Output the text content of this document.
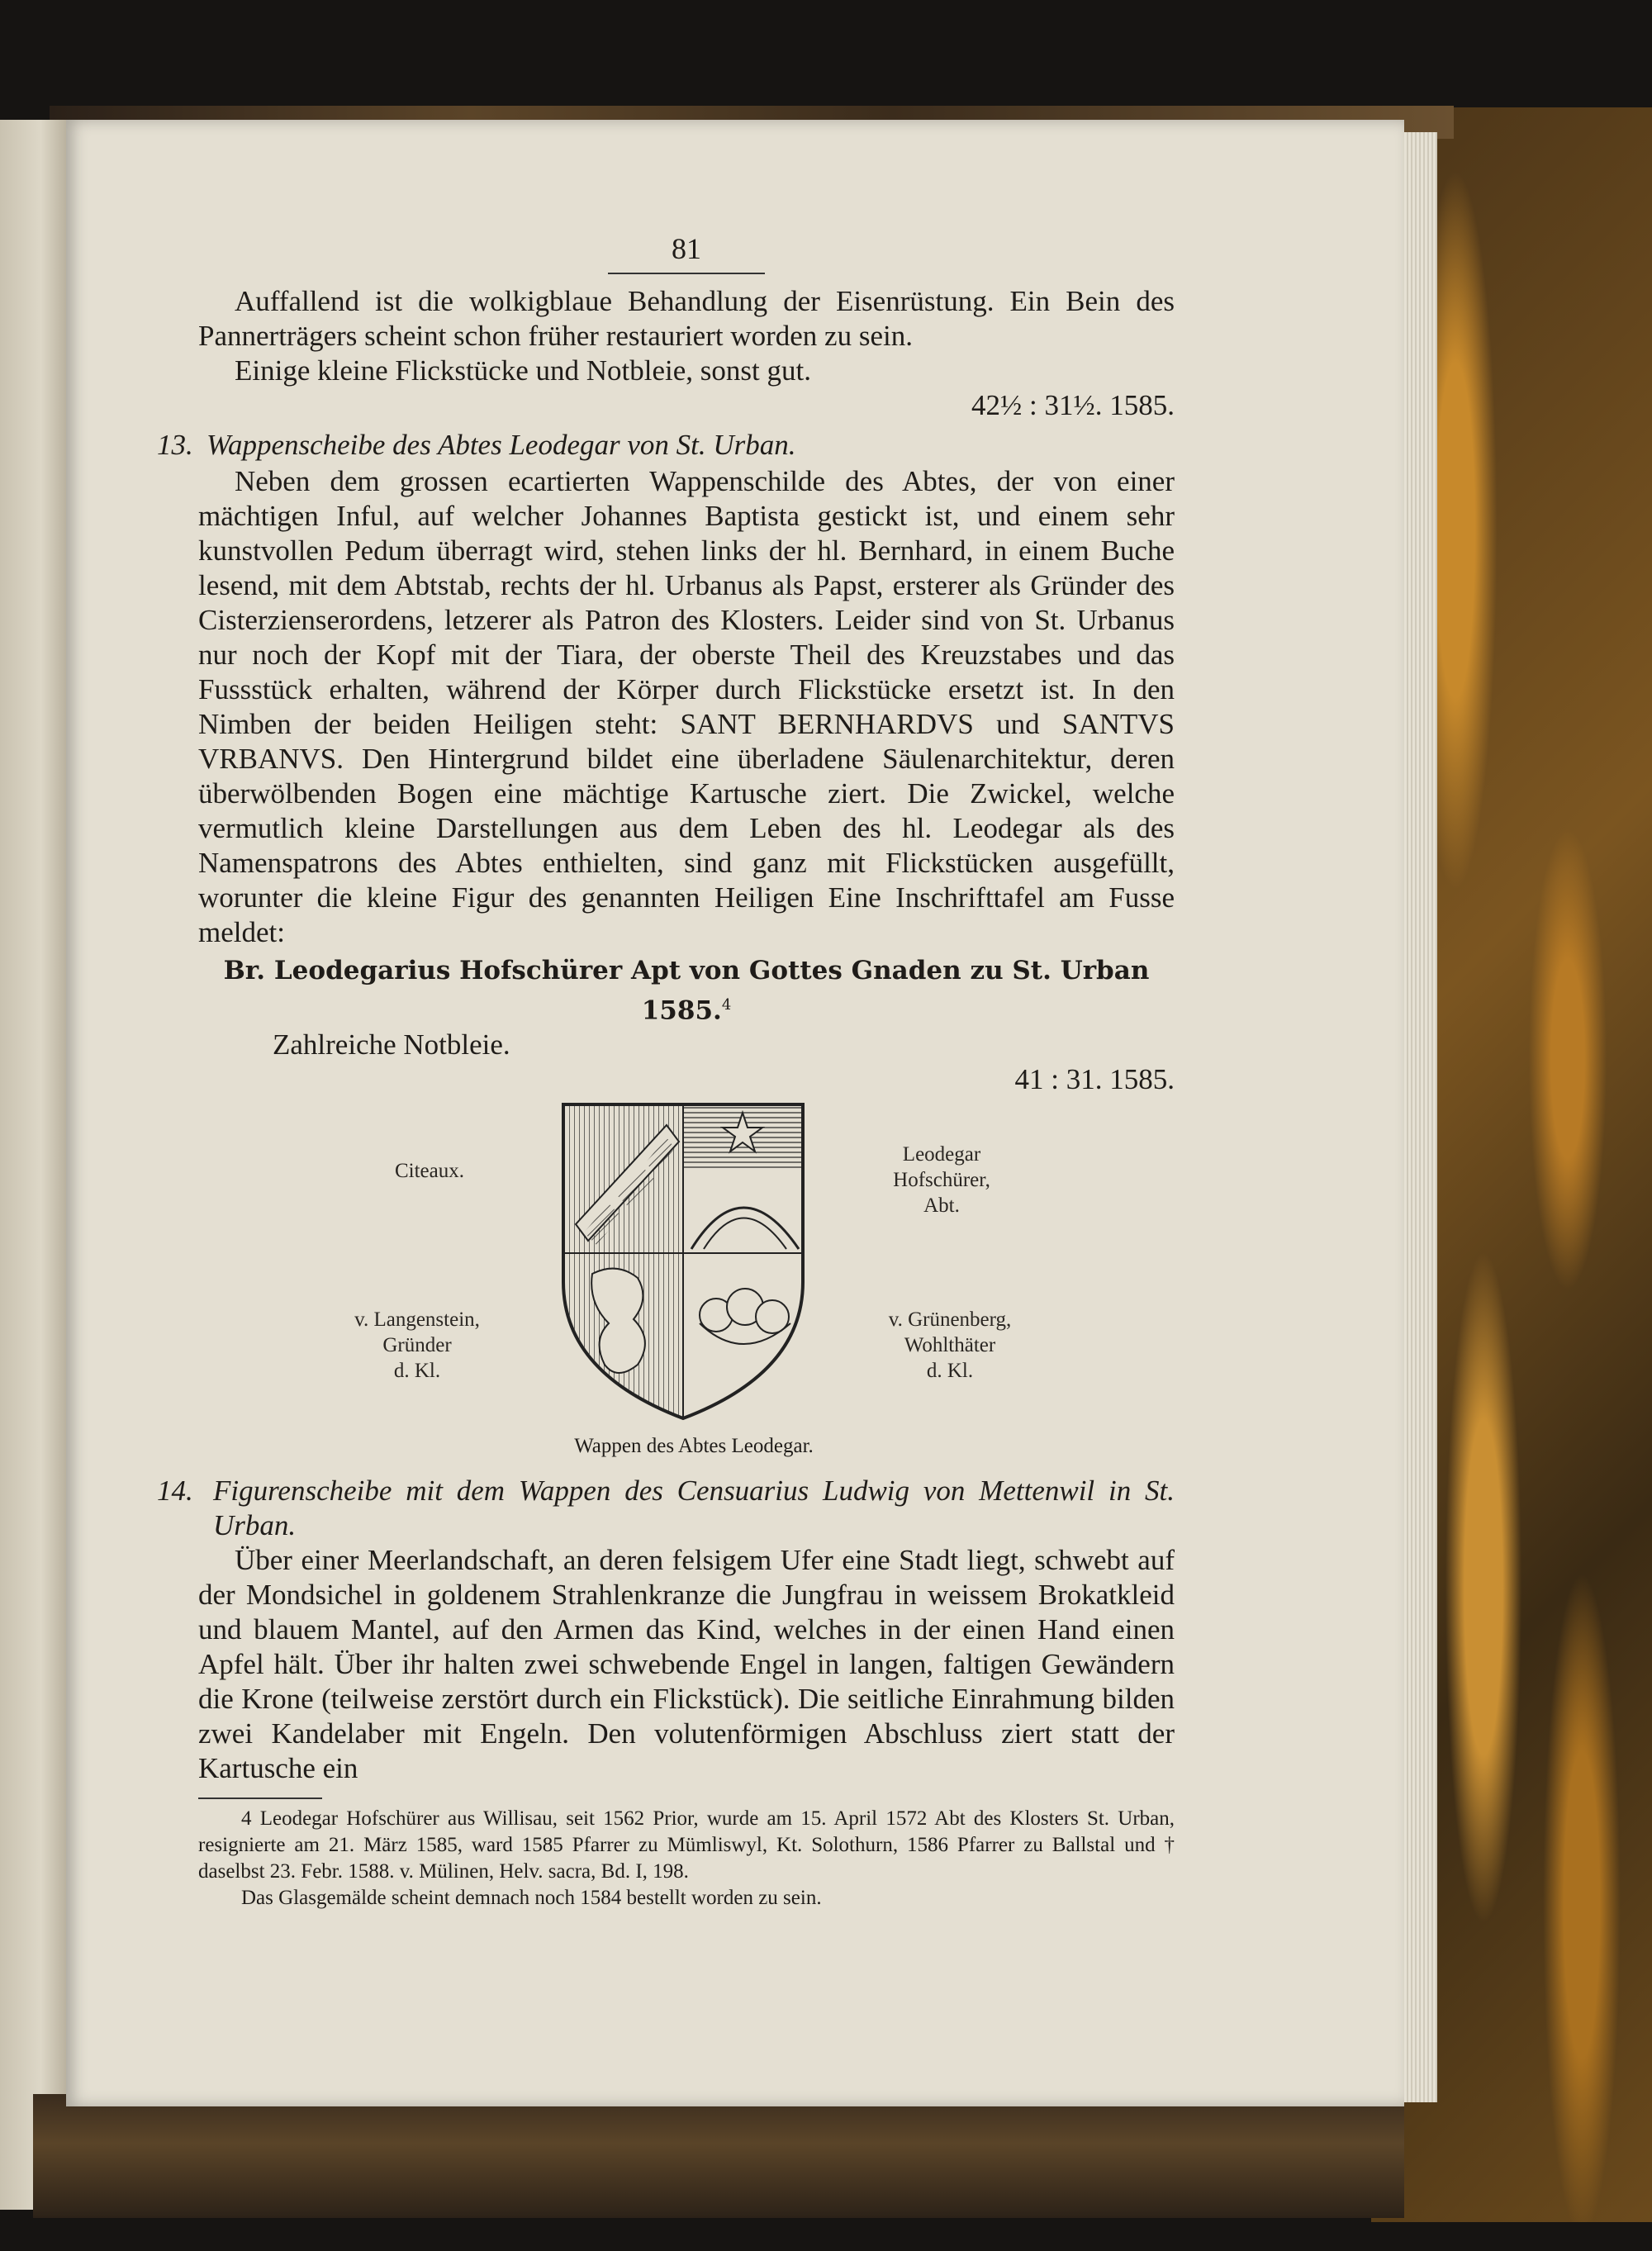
81

Auffallend ist die wolkigblaue Behandlung der Eisenrüstung. Ein Bein des Pannerträgers scheint schon früher restauriert worden zu sein.

Einige kleine Flickstücke und Notbleie, sonst gut.

42½ : 31½. 1585.

13. Wappenscheibe des Abtes Leodegar von St. Urban.

Neben dem grossen ecartierten Wappenschilde des Abtes, der von einer mächtigen Inful, auf welcher Johannes Baptista gestickt ist, und einem sehr kunstvollen Pedum überragt wird, stehen links der hl. Bernhard, in einem Buche lesend, mit dem Abtstab, rechts der hl. Urbanus als Papst, ersterer als Gründer des Cisterzienserordens, letzerer als Patron des Klosters. Leider sind von St. Urbanus nur noch der Kopf mit der Tiara, der oberste Theil des Kreuzstabes und das Fussstück erhalten, während der Körper durch Flickstücke ersetzt ist. In den Nimben der beiden Heiligen steht: SANT BERNHARDVS und SANTVS VRBANVS. Den Hintergrund bildet eine überladene Säulenarchitektur, deren überwölbenden Bogen eine mächtige Kartusche ziert. Die Zwickel, welche vermutlich kleine Darstellungen aus dem Leben des hl. Leodegar als des Namenspatrons des Abtes enthielten, sind ganz mit Flickstücken ausgefüllt, worunter die kleine Figur des genannten Heiligen Eine Inschrifttafel am Fusse meldet:

Br. Leodegarius Hofschürer Apt von Gottes Gnaden zu St. Urban 1585.$^4$

Zahlreiche Notbleie.

41 : 31. 1585.

Citeaux.
Leodegar
Hofschürer,
Abt.
v. Langenstein,
Gründer
d. Kl.
v. Grünenberg,
Wohlthäter
d. Kl.
Wappen des Abtes Leodegar.
14. Figurenscheibe mit dem Wappen des Censuarius Ludwig von Mettenwil in St. Urban.

Über einer Meerlandschaft, an deren felsigem Ufer eine Stadt liegt, schwebt auf der Mondsichel in goldenem Strahlenkranze die Jungfrau in weissem Brokatkleid und blauem Mantel, auf den Armen das Kind, welches in der einen Hand einen Apfel hält. Über ihr halten zwei schwebende Engel in langen, faltigen Gewändern die Krone (teilweise zerstört durch ein Flickstück). Die seitliche Einrahmung bilden zwei Kandelaber mit Engeln. Den volutenförmigen Abschluss ziert statt der Kartusche ein

4 Leodegar Hofschürer aus Willisau, seit 1562 Prior, wurde am 15. April 1572 Abt des Klosters St. Urban, resignierte am 21. März 1585, ward 1585 Pfarrer zu Mümliswyl, Kt. Solothurn, 1586 Pfarrer zu Ballstal und † daselbst 23. Febr. 1588. v. Mülinen, Helv. sacra, Bd. I, 198.

Das Glasgemälde scheint demnach noch 1584 bestellt worden zu sein.
